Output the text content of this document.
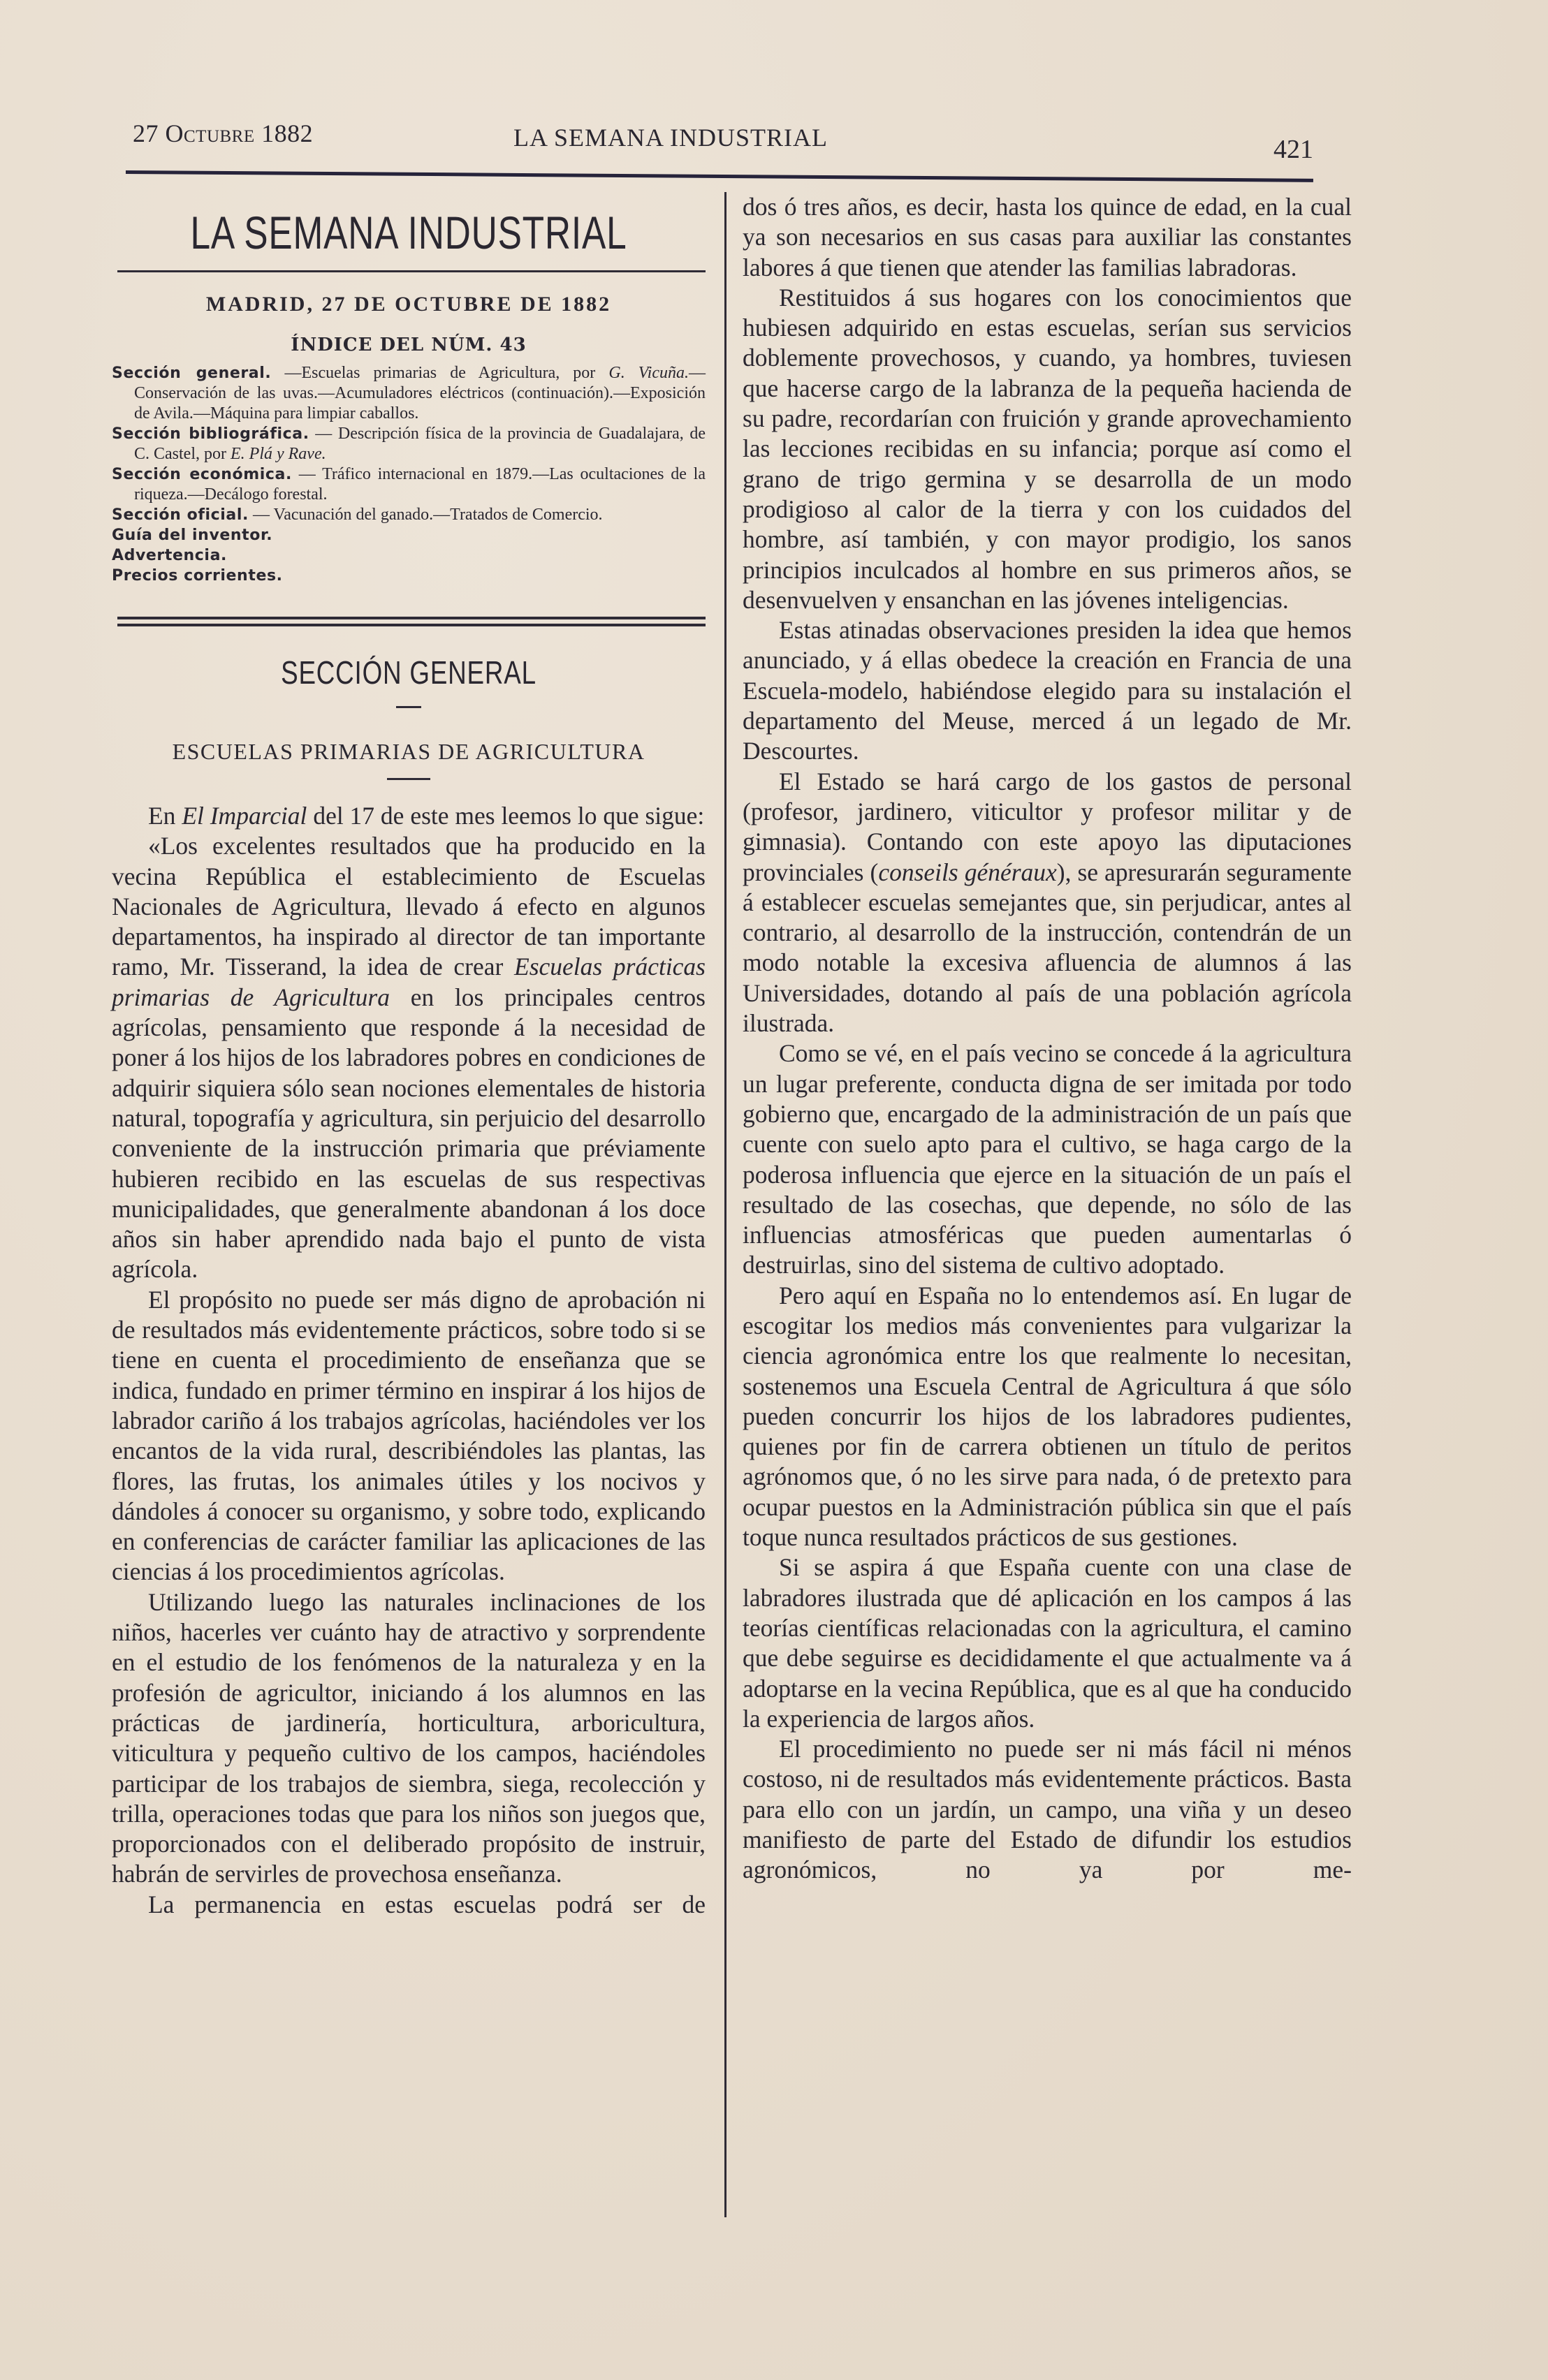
27 Octubre 1882	LA SEMANA INDUSTRIAL	421
LA SEMANA INDUSTRIAL
MADRID, 27 DE OCTUBRE DE 1882
ÍNDICE DEL NÚM. 43
Sección general. —Escuelas primarias de Agricultura, por G. Vicuña.—Conservación de las uvas.—Acumuladores eléctricos (continuación).—Exposición de Avila.—Máquina para limpiar caballos.
Sección bibliográfica. — Descripción física de la provincia de Guadalajara, de C. Castel, por E. Plá y Rave.
Sección económica. — Tráfico internacional en 1879.—Las ocultaciones de la riqueza.—Decálogo forestal.
Sección oficial. — Vacunación del ganado.—Tratados de Comercio.
Guía del inventor.
Advertencia.
Precios corrientes.
SECCIÓN GENERAL
ESCUELAS PRIMARIAS DE AGRICULTURA

En El Imparcial del 17 de este mes leemos lo que sigue:

«Los excelentes resultados que ha producido en la vecina República el establecimiento de Escuelas Nacionales de Agricultura, llevado á efecto en algunos departamentos, ha inspirado al director de tan importante ramo, Mr. Tisserand, la idea de crear Escuelas prácticas primarias de Agricultura en los principales centros agrícolas, pensamiento que responde á la necesidad de poner á los hijos de los labradores pobres en condiciones de adquirir siquiera sólo sean nociones elementales de historia natural, topografía y agricultura, sin perjuicio del desarrollo conveniente de la instrucción primaria que préviamente hubieren recibido en las escuelas de sus respectivas municipalidades, que generalmente abandonan á los doce años sin haber aprendido nada bajo el punto de vista agrícola.

El propósito no puede ser más digno de aprobación ni de resultados más evidentemente prácticos, sobre todo si se tiene en cuenta el procedimiento de enseñanza que se indica, fundado en primer término en inspirar á los hijos de labrador cariño á los trabajos agrícolas, haciéndoles ver los encantos de la vida rural, describiéndoles las plantas, las flores, las frutas, los animales útiles y los nocivos y dándoles á conocer su organismo, y sobre todo, explicando en conferencias de carácter familiar las aplicaciones de las ciencias á los procedimientos agrícolas.

Utilizando luego las naturales inclinaciones de los niños, hacerles ver cuánto hay de atractivo y sorprendente en el estudio de los fenómenos de la naturaleza y en la profesión de agricultor, iniciando á los alumnos en las prácticas de jardinería, horticultura, arboricultura, viticultura y pequeño cultivo de los campos, haciéndoles participar de los trabajos de siembra, siega, recolección y trilla, operaciones todas que para los niños son juegos que, proporcionados con el deliberado propósito de instruir, habrán de servirles de provechosa enseñanza.

La permanencia en estas escuelas podrá ser de

dos ó tres años, es decir, hasta los quince de edad, en la cual ya son necesarios en sus casas para auxiliar las constantes labores á que tienen que atender las familias labradoras.

Restituidos á sus hogares con los conocimientos que hubiesen adquirido en estas escuelas, serían sus servicios doblemente provechosos, y cuando, ya hombres, tuviesen que hacerse cargo de la labranza de la pequeña hacienda de su padre, recordarían con fruición y grande aprovechamiento las lecciones recibidas en su infancia; porque así como el grano de trigo germina y se desarrolla de un modo prodigioso al calor de la tierra y con los cuidados del hombre, así también, y con mayor prodigio, los sanos principios inculcados al hombre en sus primeros años, se desenvuelven y ensanchan en las jóvenes inteligencias.

Estas atinadas observaciones presiden la idea que hemos anunciado, y á ellas obedece la creación en Francia de una Escuela-modelo, habiéndose elegido para su instalación el departamento del Meuse, merced á un legado de Mr. Descourtes.

El Estado se hará cargo de los gastos de personal (profesor, jardinero, viticultor y profesor militar y de gimnasia). Contando con este apoyo las diputaciones provinciales (conseils généraux), se apresurarán seguramente á establecer escuelas semejantes que, sin perjudicar, antes al contrario, al desarrollo de la instrucción, contendrán de un modo notable la excesiva afluencia de alumnos á las Universidades, dotando al país de una población agrícola ilustrada.

Como se vé, en el país vecino se concede á la agricultura un lugar preferente, conducta digna de ser imitada por todo gobierno que, encargado de la administración de un país que cuente con suelo apto para el cultivo, se haga cargo de la poderosa influencia que ejerce en la situación de un país el resultado de las cosechas, que depende, no sólo de las influencias atmosféricas que pueden aumentarlas ó destruirlas, sino del sistema de cultivo adoptado.

Pero aquí en España no lo entendemos así. En lugar de escogitar los medios más convenientes para vulgarizar la ciencia agronómica entre los que realmente lo necesitan, sostenemos una Escuela Central de Agricultura á que sólo pueden concurrir los hijos de los labradores pudientes, quienes por fin de carrera obtienen un título de peritos agrónomos que, ó no les sirve para nada, ó de pretexto para ocupar puestos en la Administración pública sin que el país toque nunca resultados prácticos de sus gestiones.

Si se aspira á que España cuente con una clase de labradores ilustrada que dé aplicación en los campos á las teorías científicas relacionadas con la agricultura, el camino que debe seguirse es decididamente el que actualmente va á adoptarse en la vecina República, que es al que ha conducido la experiencia de largos años.

El procedimiento no puede ser ni más fácil ni ménos costoso, ni de resultados más evidentemente prácticos. Basta para ello con un jardín, un campo, una viña y un deseo manifiesto de parte del Estado de difundir los estudios agronómicos, no ya por me-
